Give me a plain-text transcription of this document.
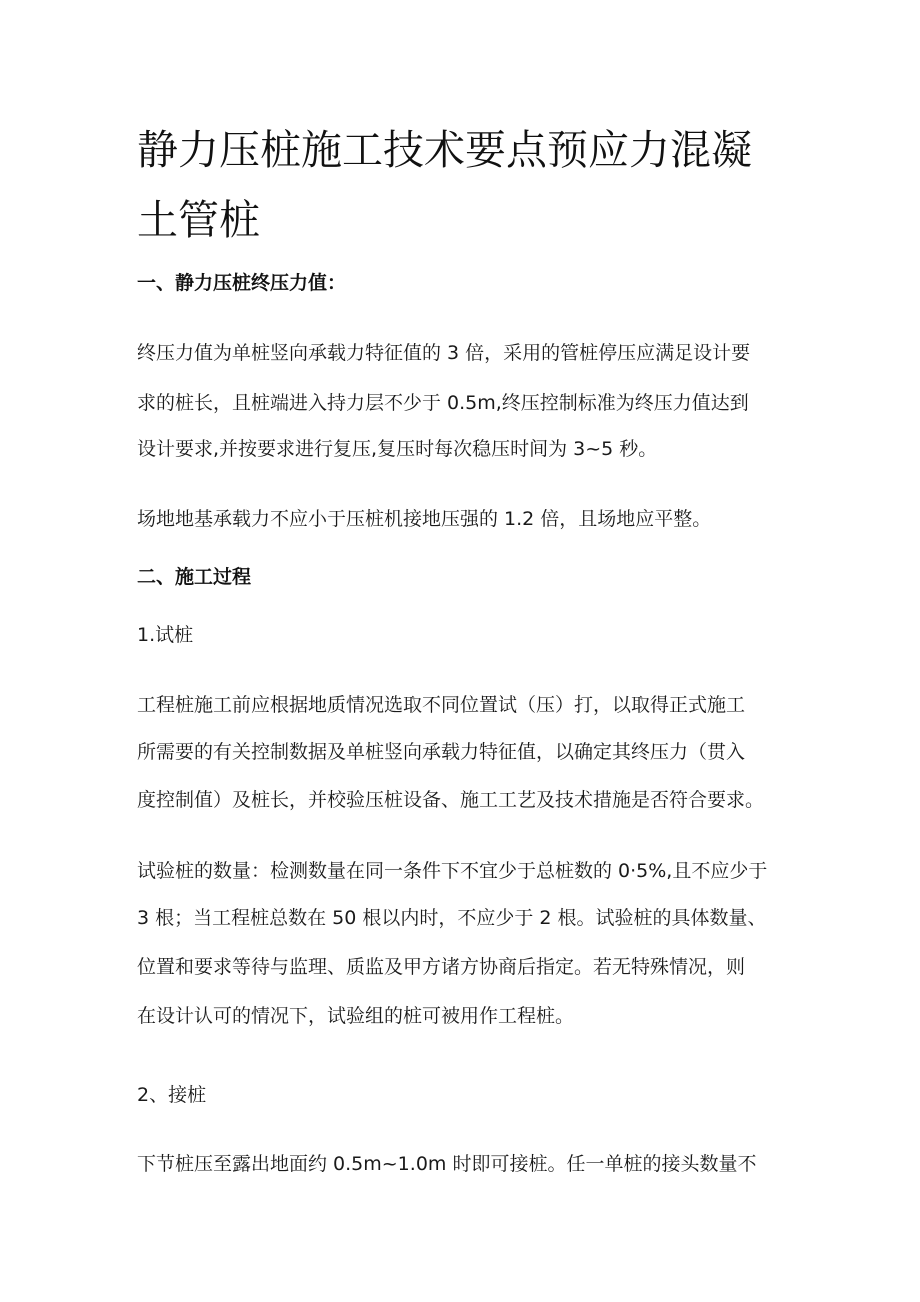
静力压桩施工技术要点预应力混凝
土管桩
一、静力压桩终压力值：
终压力值为单桩竖向承载力特征值的 3 倍，采用的管桩停压应满足设计要
求的桩长，且桩端进入持力层不少于 0.5m,终压控制标准为终压力值达到
设计要求,并按要求进行复压,复压时每次稳压时间为 3~5 秒。
场地地基承载力不应小于压桩机接地压强的 1.2 倍，且场地应平整。
二、施工过程
1.试桩
工程桩施工前应根据地质情况选取不同位置试（压）打，以取得正式施工
所需要的有关控制数据及单桩竖向承载力特征值，以确定其终压力（贯入
度控制值）及桩长，并校验压桩设备、施工工艺及技术措施是否符合要求。
试验桩的数量：检测数量在同一条件下不宜少于总桩数的 0·5%,且不应少于
3 根；当工程桩总数在 50 根以内时，不应少于 2 根。试验桩的具体数量、
位置和要求等待与监理、质监及甲方诸方协商后指定。若无特殊情况，则
在设计认可的情况下，试验组的桩可被用作工程桩。
2、接桩
下节桩压至露出地面约 0.5m~1.0m 时即可接桩。任一单桩的接头数量不
